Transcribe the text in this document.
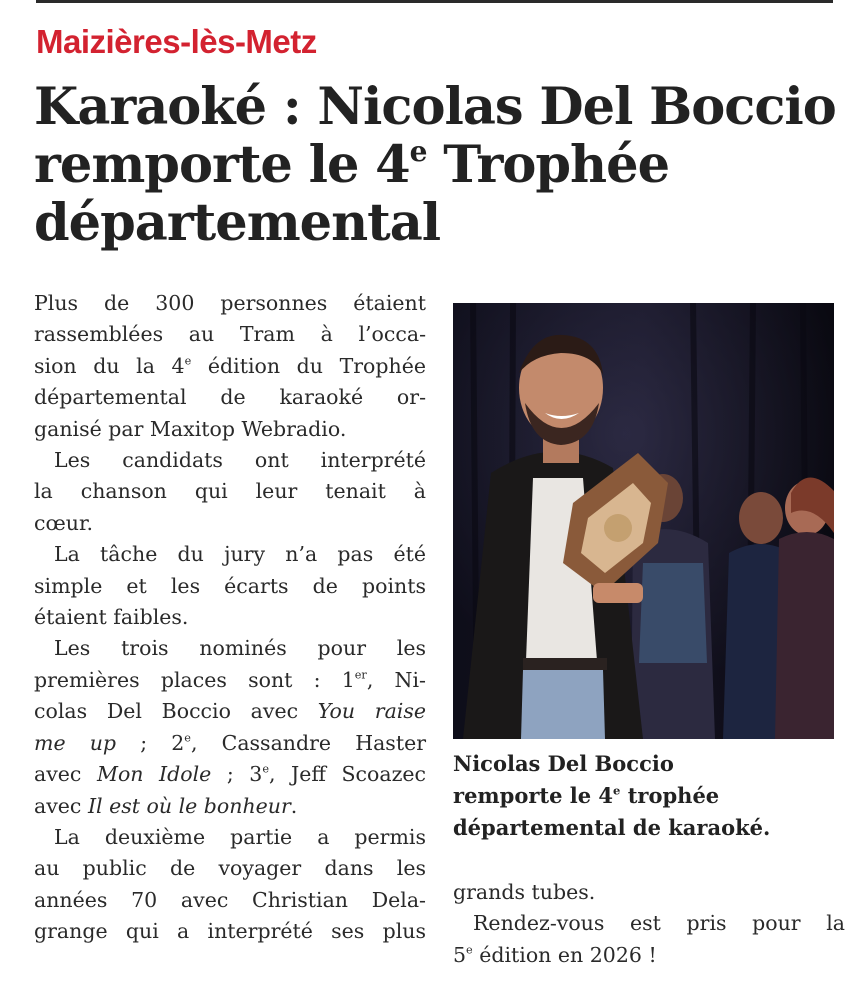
Maizières-lès-Metz
Karaoké : Nicolas Del Boccio
remporte le 4e Trophée
départemental

Plus de 300 personnes étaient
rassemblées au Tram à l’occa-
sion du la 4e édition du Trophée
départemental de karaoké or-
ganisé par Maxitop Webradio.

Les candidats ont interprété
la chanson qui leur tenait à
cœur.

La tâche du jury n’a pas été
simple et les écarts de points
étaient faibles.

Les trois nominés pour les
premières places sont : 1er, Ni-
colas Del Boccio avec You raise
me up ; 2e, Cassandre Haster
avec Mon Idole ; 3e, Jeff Scoazec
avec Il est où le bonheur.

La deuxième partie a permis
au public de voyager dans les
années 70 avec Christian Dela-
grange qui a interprété ses plus

Nicolas Del Boccio
remporte le 4e trophée
départemental de karaoké.
grands tubes.
Rendez-vous est pris pour la
5e édition en 2026 !
